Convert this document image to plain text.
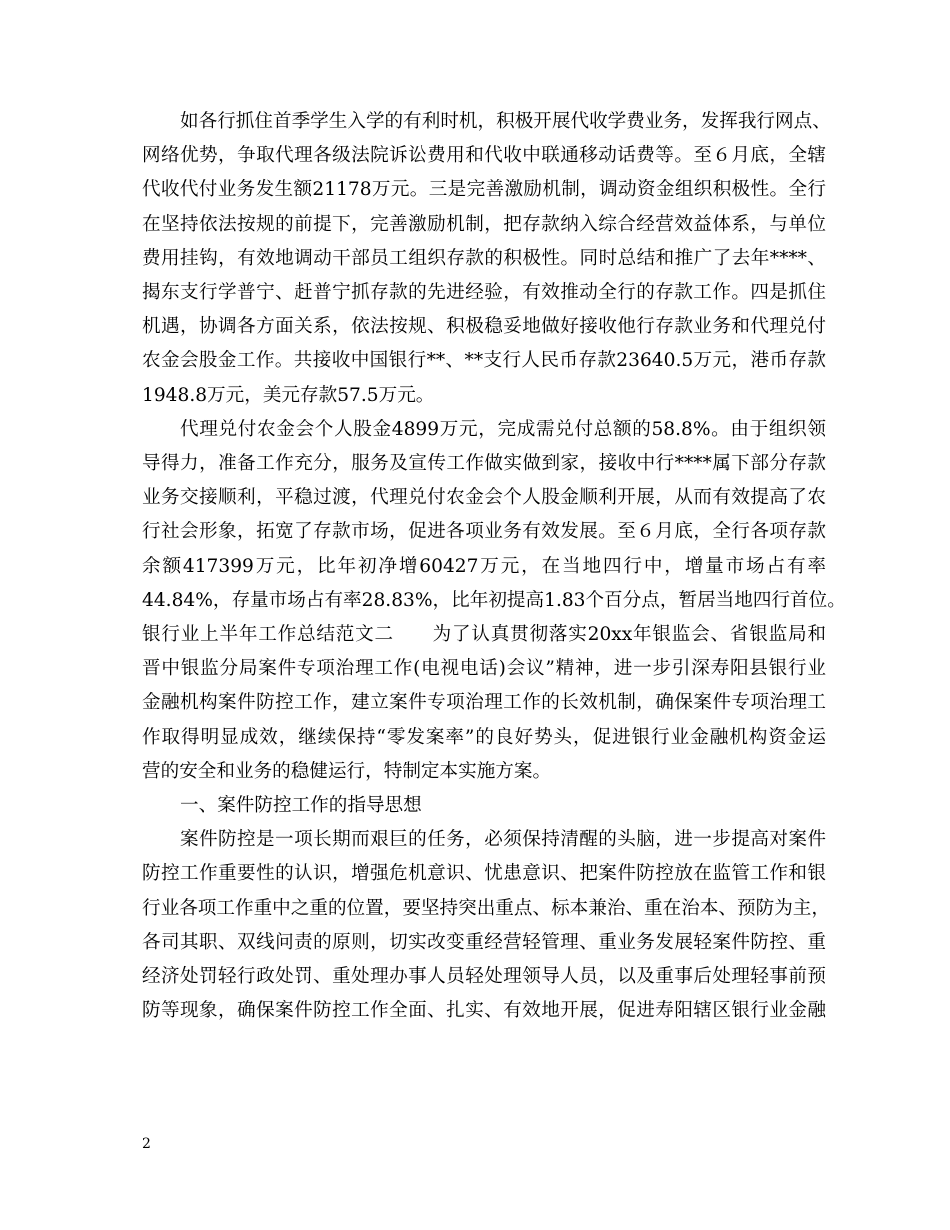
如各行抓住首季学生入学的有利时机，积极开展代收学费业务，发挥我行网点、
网络优势，争取代理各级法院诉讼费用和代收中联通移动话费等。至６月底，全辖
代收代付业务发生额21178万元。三是完善激励机制，调动资金组织积极性。全行
在坚持依法按规的前提下，完善激励机制，把存款纳入综合经营效益体系，与单位
费用挂钩，有效地调动干部员工组织存款的积极性。同时总结和推广了去年****、
揭东支行学普宁、赶普宁抓存款的先进经验，有效推动全行的存款工作。四是抓住
机遇，协调各方面关系，依法按规、积极稳妥地做好接收他行存款业务和代理兑付
农金会股金工作。共接收中国银行**、**支行人民币存款23640.5万元，港币存款
1948.8万元，美元存款57.5万元。
代理兑付农金会个人股金4899万元，完成需兑付总额的58.8%。由于组织领
导得力，准备工作充分，服务及宣传工作做实做到家，接收中行****属下部分存款
业务交接顺利，平稳过渡，代理兑付农金会个人股金顺利开展，从而有效提高了农
行社会形象，拓宽了存款市场，促进各项业务有效发展。至６月底，全行各项存款
余额417399万元，比年初净增60427万元，在当地四行中，增量市场占有率
44.84%，存量市场占有率28.83%，比年初提高1.83个百分点，暂居当地四行首位。
银行业上半年工作总结范文二　　为了认真贯彻落实20xx年银监会、省银监局和
晋中银监分局案件专项治理工作(电视电话)会议”精神，进一步引深寿阳县银行业
金融机构案件防控工作，建立案件专项治理工作的长效机制，确保案件专项治理工
作取得明显成效，继续保持“零发案率”的良好势头，促进银行业金融机构资金运
营的安全和业务的稳健运行，特制定本实施方案。
一、案件防控工作的指导思想
案件防控是一项长期而艰巨的任务，必须保持清醒的头脑，进一步提高对案件
防控工作重要性的认识，增强危机意识、忧患意识、把案件防控放在监管工作和银
行业各项工作重中之重的位置，要坚持突出重点、标本兼治、重在治本、预防为主，
各司其职、双线问责的原则，切实改变重经营轻管理、重业务发展轻案件防控、重
经济处罚轻行政处罚、重处理办事人员轻处理领导人员，以及重事后处理轻事前预
防等现象，确保案件防控工作全面、扎实、有效地开展，促进寿阳辖区银行业金融
2
